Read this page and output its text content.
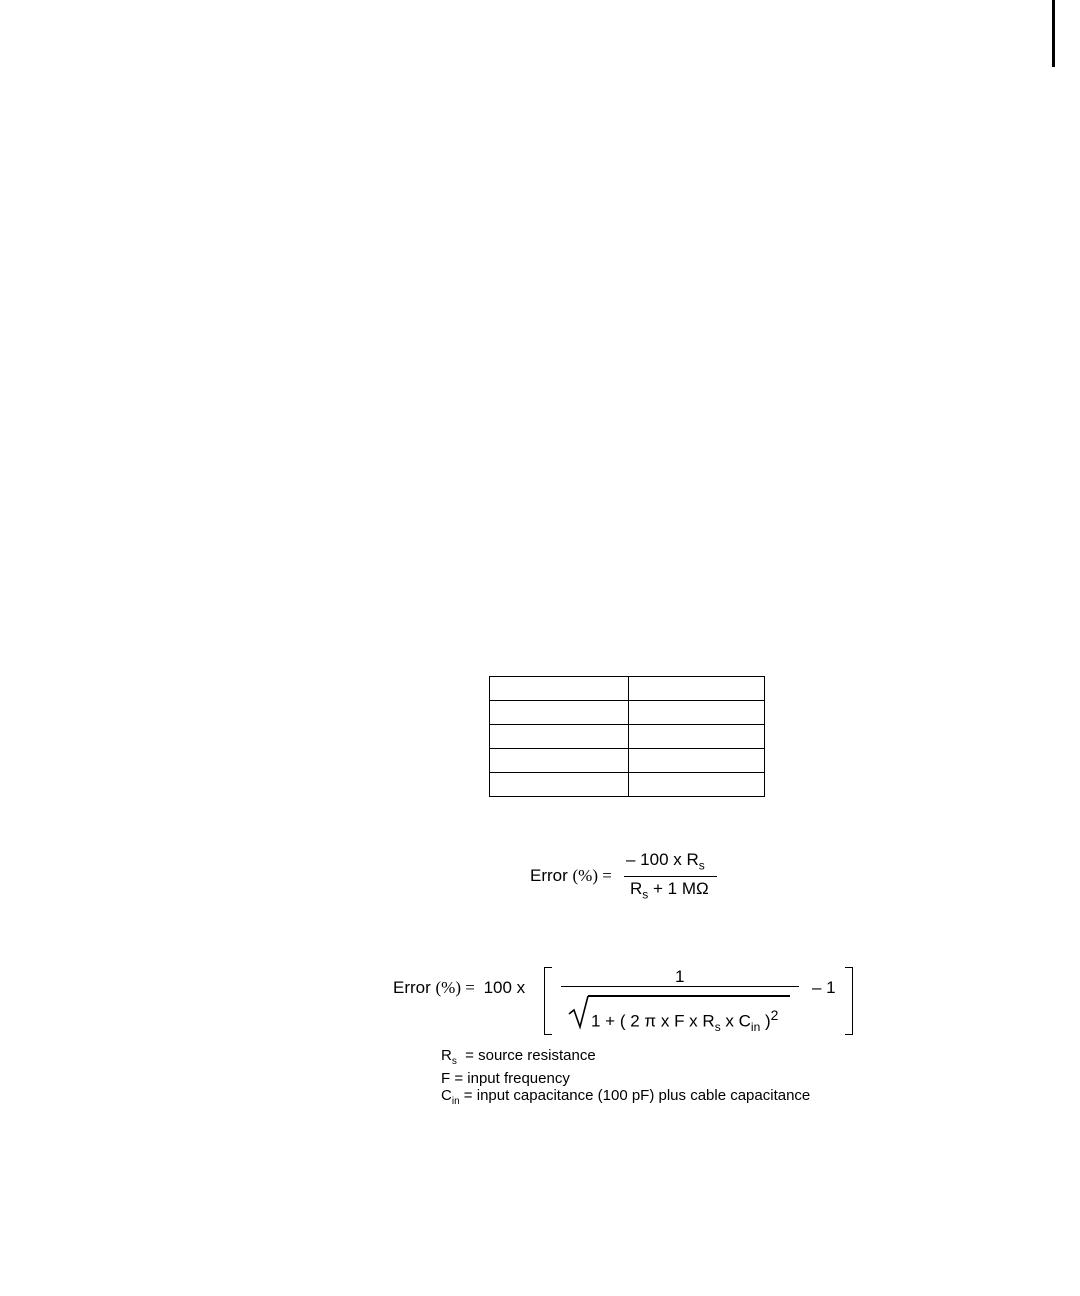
Error (%) =
– 100 x $R_s$
$R_s + 1$ MΩ
Error (%) = 100 x
1
1 + ( 2 π x F x $R_s$ x $C_{in}$ )$^2$
– 1
$R_s$  = source resistance
F = input frequency
$C_{in}$ = input capacitance (100 pF) plus cable capacitance
